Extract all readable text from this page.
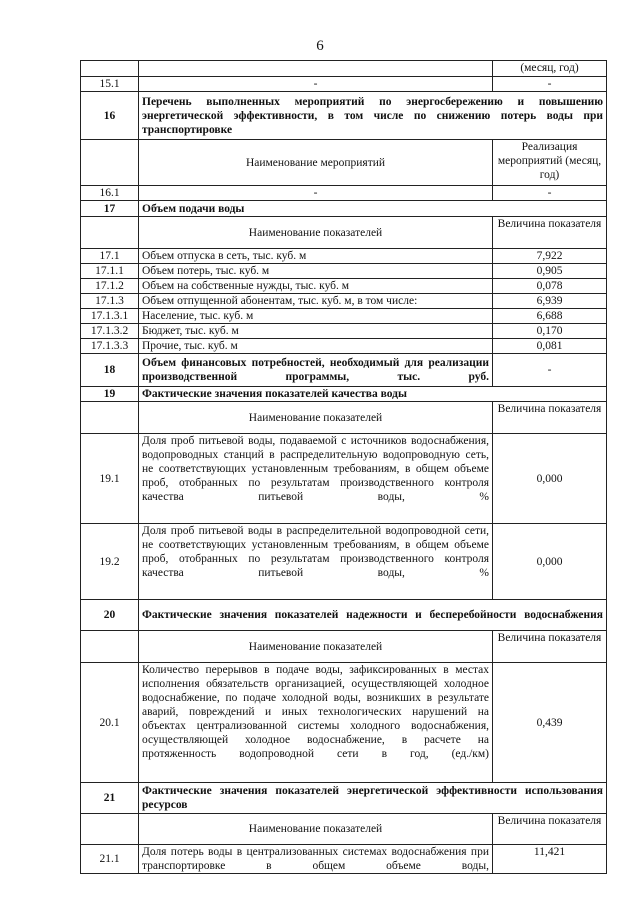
6
		(месяц, год)
15.1	-	-
16	Перечень выполненных мероприятий по энергосбережению и повышению энергетической эффективности, в том числе по снижению потерь воды при транспортировке	
	Наименование мероприятий	Реализация мероприятий (месяц, год)
16.1	-	-
17	Объем подачи воды	
	Наименование показателей	Величина показателя
17.1	Объем отпуска в сеть, тыс. куб. м	7,922
17.1.1	Объем потерь, тыс. куб. м	0,905
17.1.2	Объем на собственные нужды, тыс. куб. м	0,078
17.1.3	Объем отпущенной абонентам, тыс. куб. м, в том числе:	6,939
17.1.3.1	Население, тыс. куб. м	6,688
17.1.3.2	Бюджет, тыс. куб. м	0,170
17.1.3.3	Прочие, тыс. куб. м	0,081
18	Объем финансовых потребностей, необходимый для реализации производственной программы, тыс. руб.	-
19	Фактические значения показателей качества воды	
	Наименование показателей	Величина показателя
19.1	Доля проб питьевой воды, подаваемой с источников водоснабжения, водопроводных станций в распределительную водопроводную сеть, не соответствующих установленным требованиям, в общем объеме проб, отобранных по результатам производственного контроля качества питьевой воды, %	0,000
19.2	Доля проб питьевой воды в распределительной водопроводной сети, не соответствующих установленным требованиям, в общем объеме проб, отобранных по результатам производственного контроля качества питьевой воды, %	0,000
20	Фактические значения показателей надежности и бесперебойности водоснабжения	
	Наименование показателей	Величина показателя
20.1	Количество перерывов в подаче воды, зафиксированных в местах исполнения обязательств организацией, осуществляющей холодное водоснабжение, по подаче холодной воды, возникших в результате аварий, повреждений и иных технологических нарушений на объектах централизованной системы холодного водоснабжения, осуществляющей холодное водоснабжение, в расчете на протяженность водопроводной сети в год, (ед./км)	0,439
21	Фактические значения показателей энергетической эффективности использования ресурсов	
	Наименование показателей	Величина показателя
21.1	Доля потерь воды в централизованных системах водоснабжения при транспортировке в общем объеме воды,	11,421
